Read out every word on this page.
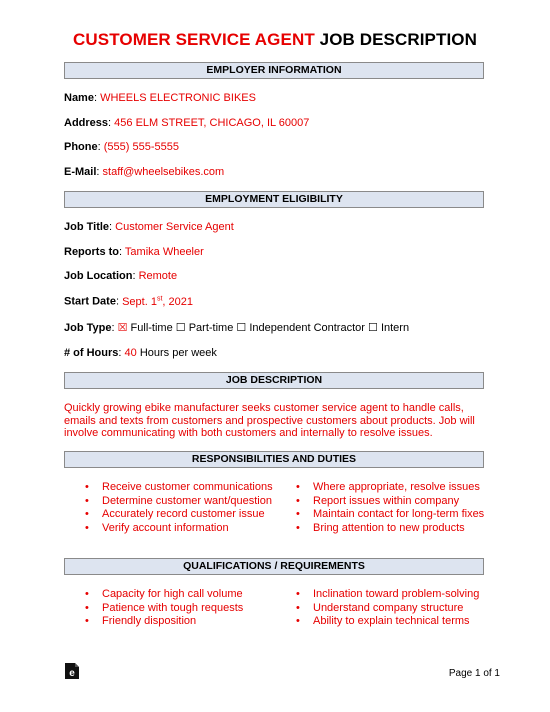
CUSTOMER SERVICE AGENT JOB DESCRIPTION
EMPLOYER INFORMATION
Name: WHEELS ELECTRONIC BIKES
Address: 456 ELM STREET, CHICAGO, IL 60007
Phone: (555) 555-5555
E-Mail: staff@wheelsebikes.com
EMPLOYMENT ELIGIBILITY
Job Title: Customer Service Agent
Reports to: Tamika Wheeler
Job Location: Remote
Start Date: Sept. 1st, 2021
Job Type: ☒ Full-time ☐ Part-time ☐ Independent Contractor ☐ Intern
# of Hours: 40 Hours per week
JOB DESCRIPTION
Quickly growing ebike manufacturer seeks customer service agent to handle calls, emails and texts from customers and prospective customers about products. Job will involve communicating with both customers and internally to resolve issues.
RESPONSIBILITIES AND DUTIES
• Receive customer communications
• Determine customer want/question
• Accurately record customer issue
• Verify account information
• Where appropriate, resolve issues
• Report issues within company
• Maintain contact for long-term fixes
• Bring attention to new products
QUALIFICATIONS / REQUIREMENTS
• Capacity for high call volume
• Patience with tough requests
• Friendly disposition
• Inclination toward problem-solving
• Understand company structure
• Ability to explain technical terms
e	Page 1 of 1
